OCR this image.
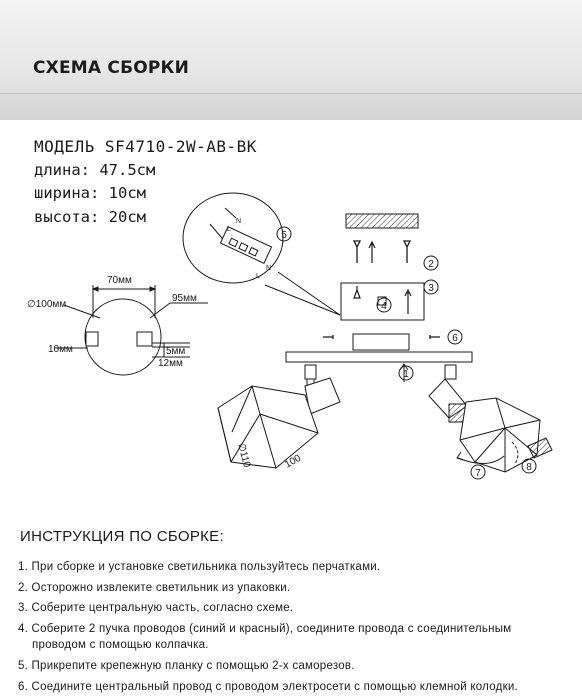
СХЕМА СБОРКИ
МОДЕЛЬ SF4710-2W-AB-BK
длина: 47.5см
ширина: 10см
высота: 20см
70мм
∅100мм
95мм
10мм	5мм
12мм
∅110	100
1
2
3
4
5
6
7
8
N
L
N
L
ИНСТРУКЦИЯ ПО СБОРКЕ:
1. При сборке и установке светильника пользуйтесь перчатками.
2. Осторожно извлеките светильник из упаковки.
3. Соберите центральную часть, согласно схеме.
4. Соберите 2 пучка проводов (синий и красный), соедините провода с соединительным
проводом с помощью колпачка.
5. Прикрепите крепежную планку с помощью 2-х саморезов.
6. Соедините центральный провод с проводом электросети с помощью клемной колодки.
